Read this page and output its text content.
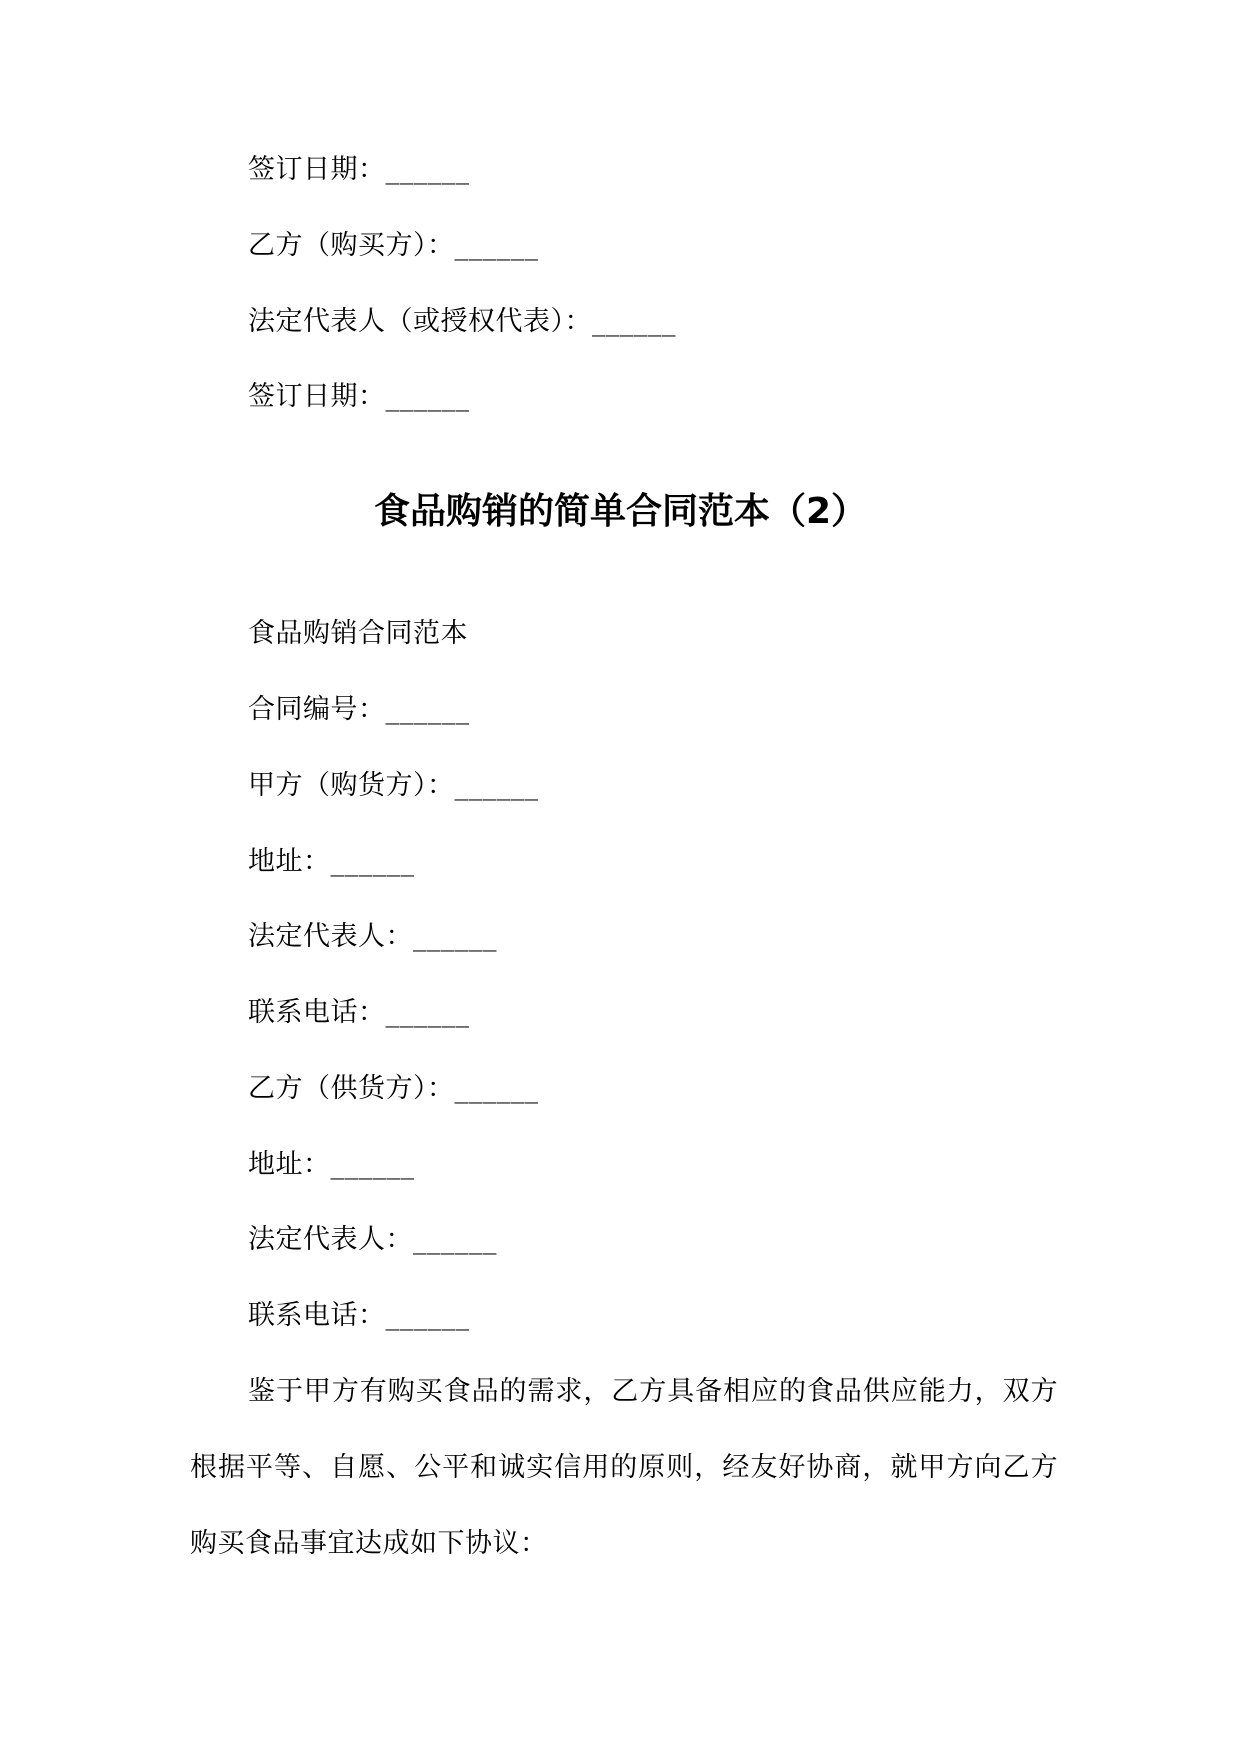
签订日期：______
乙方（购买方）：______
法定代表人（或授权代表）：______
签订日期：______
食品购销的简单合同范本（2）
食品购销合同范本
合同编号：______
甲方（购货方）：______
地址：______
法定代表人：______
联系电话：______
乙方（供货方）：______
地址：______
法定代表人：______
联系电话：______
鉴于甲方有购买食品的需求，乙方具备相应的食品供应能力，双方根据平等、自愿、公平和诚实信用的原则，经友好协商，就甲方向乙方购买食品事宜达成如下协议：
